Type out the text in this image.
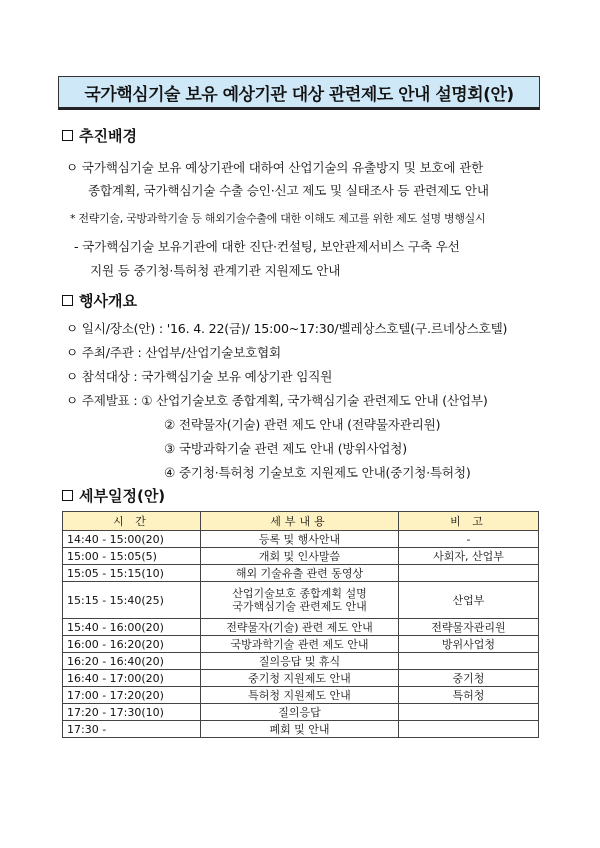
국가핵심기술 보유 예상기관 대상 관련제도 안내 설명회(안)
추진배경
ㅇ 국가핵심기술 보유 예상기관에 대하여 산업기술의 유출방지 및 보호에 관한
종합계획, 국가핵심기술 수출 승인·신고 제도 및 실태조사 등 관련제도 안내
* 전략기술, 국방과학기술 등 해외기술수출에 대한 이해도 제고를 위한 제도 설명 병행실시
- 국가핵심기술 보유기관에 대한 진단·컨설팅, 보안관제서비스 구축 우선
지원 등 중기청·특허청 관계기관 지원제도 안내
행사개요
ㅇ 일시/장소(안) : '16. 4. 22(금)/ 15:00~17:30/벨레상스호텔(구.르네상스호텔)
ㅇ 주최/주관 : 산업부/산업기술보호협회
ㅇ 참석대상 : 국가핵심기술 보유 예상기관 임직원
ㅇ 주제발표 : ① 산업기술보호 종합계획, 국가핵심기술 관련제도 안내 (산업부)
② 전략물자(기술) 관련 제도 안내 (전략물자관리원)
③ 국방과학기술 관련 제도 안내 (방위사업청)
④ 중기청·특허청 기술보호 지원제도 안내(중기청·특허청)
세부일정(안)
시 간	세부내용	비 고
14:40 - 15:00(20)	등록 및 행사안내	-
15:00 - 15:05(5)	개회 및 인사말씀	사회자, 산업부
15:05 - 15:15(10)	해외 기술유출 관련 동영상	
15:15 - 15:40(25)	산업기술보호 종합계획 설명
국가핵심기술 관련제도 안내	산업부
15:40 - 16:00(20)	전략물자(기술) 관련 제도 안내	전략물자관리원
16:00 - 16:20(20)	국방과학기술 관련 제도 안내	방위사업청
16:20 - 16:40(20)	질의응답 및 휴식	
16:40 - 17:00(20)	중기청 지원제도 안내	중기청
17:00 - 17:20(20)	특허청 지원제도 안내	특허청
17:20 - 17:30(10)	질의응답	
17:30 -	폐회 및 안내	
